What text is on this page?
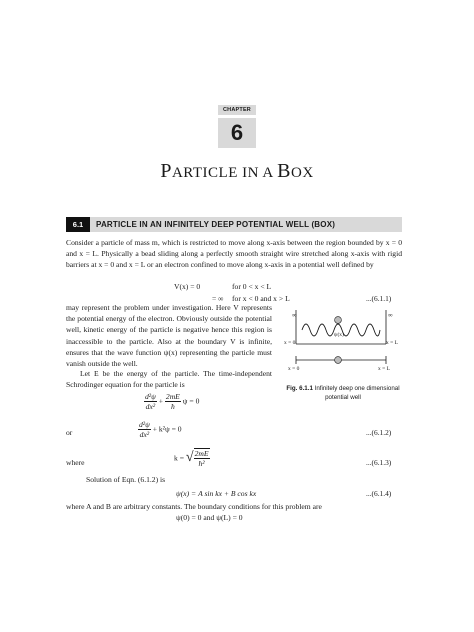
CHAPTER
6
PARTICLE IN A BOX
6.1	PARTICLE IN AN INFINITELY DEEP POTENTIAL WELL (BOX)
Consider a particle of mass m, which is restricted to move along x-axis between the region bounded by x = 0 and x = L. Physically a bead sliding along a perfectly smooth straight wire stretched along x-axis with rigid barriers at x = 0 and x = L or an electron confined to move along x-axis in a potential well defined by
V(x) = 0	for 0 < x < L
= ∞ for x < 0 and x > L	...(6.1.1)
may represent the problem under investigation. Here V represents the potential energy of the electron. Obviously outside the potential well, kinetic energy of the particle is negative hence this region is inaccessible to the particle. Also at the boundary V is infinite, ensures that the wave function ψ(x) representing the particle must vanish outside the well.
Let E be the energy of the particle. The time-independent Schrodinger equation for the particle is
∞	∞
ψ(x)
x = 0	x = L
x = 0	x = L
Fig. 6.1.1 Infinitely deep one dimensional potential well
$\frac{\text{d²ψ}}{\text{dx²}} + \frac{2mE}{ħ}$ ψ = 0
or	$\frac{\text{d²ψ}}{\text{dx²}} + k^2\psi = 0$	...(6.1.2)
where	k = √ $\frac{2mE}{\text{ħ²}}$	...(6.1.3)
Solution of Eqn. (6.1.2) is
ψ(x) = A sin kx + B cos kx	...(6.1.4)
where A and B are arbitrary constants. The boundary conditions for this problem are
ψ(0) = 0 and ψ(L) = 0
